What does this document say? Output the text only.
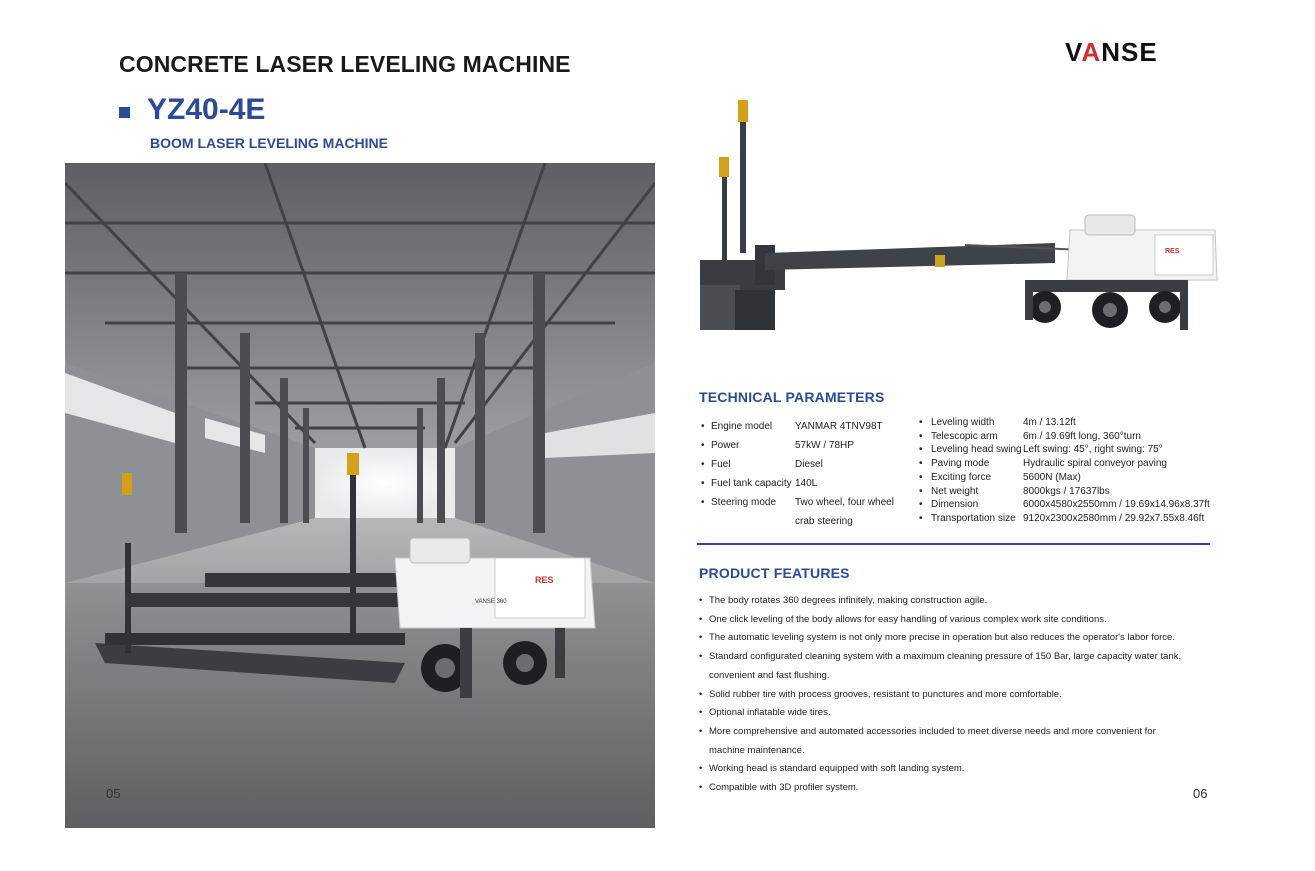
CONCRETE LASER LEVELING MACHINE
YZ40-4E
BOOM LASER LEVELING MACHINE
VANSE
RES
VANSE 360
05
RES
TECHNICAL PARAMETERS
• Engine model	YANMAR 4TNV98T
• Power	57kW / 78HP
• Fuel	Diesel
• Fuel tank capacity 140L
• Steering mode	Two wheel, four wheel
crab steering
• Leveling width	4m / 13.12ft
• Telescopic arm	6m / 19.69ft long, 360°turn
• Leveling head swing Left swing: 45°, right swing: 75°
• Paving mode	Hydraulic spiral conveyor paving
• Exciting force	5600N (Max)
• Net weight	8000kgs / 17637lbs
• Dimension	6000x4580x2550mm / 19.69x14.96x8.37ft
• Transportation size 9120x2300x2580mm / 29.92x7.55x8.46ft
PRODUCT FEATURES
• The body rotates 360 degrees infinitely, making construction agile.
• One click leveling of the body allows for easy handling of various complex work site conditions.
• The automatic leveling system is not only more precise in operation but also reduces the operator's labor force.
• Standard configurated cleaning system with a maximum cleaning pressure of 150 Bar, large capacity water tank,
convenient and fast flushing.
• Solid rubber tire with process grooves, resistant to punctures and more comfortable.
• Optional inflatable wide tires.
• More comprehensive and automated accessories included to meet diverse needs and more convenient for
machine maintenance.
• Working head is standard equipped with soft landing system.
• Compatible with 3D profiler system.	06
